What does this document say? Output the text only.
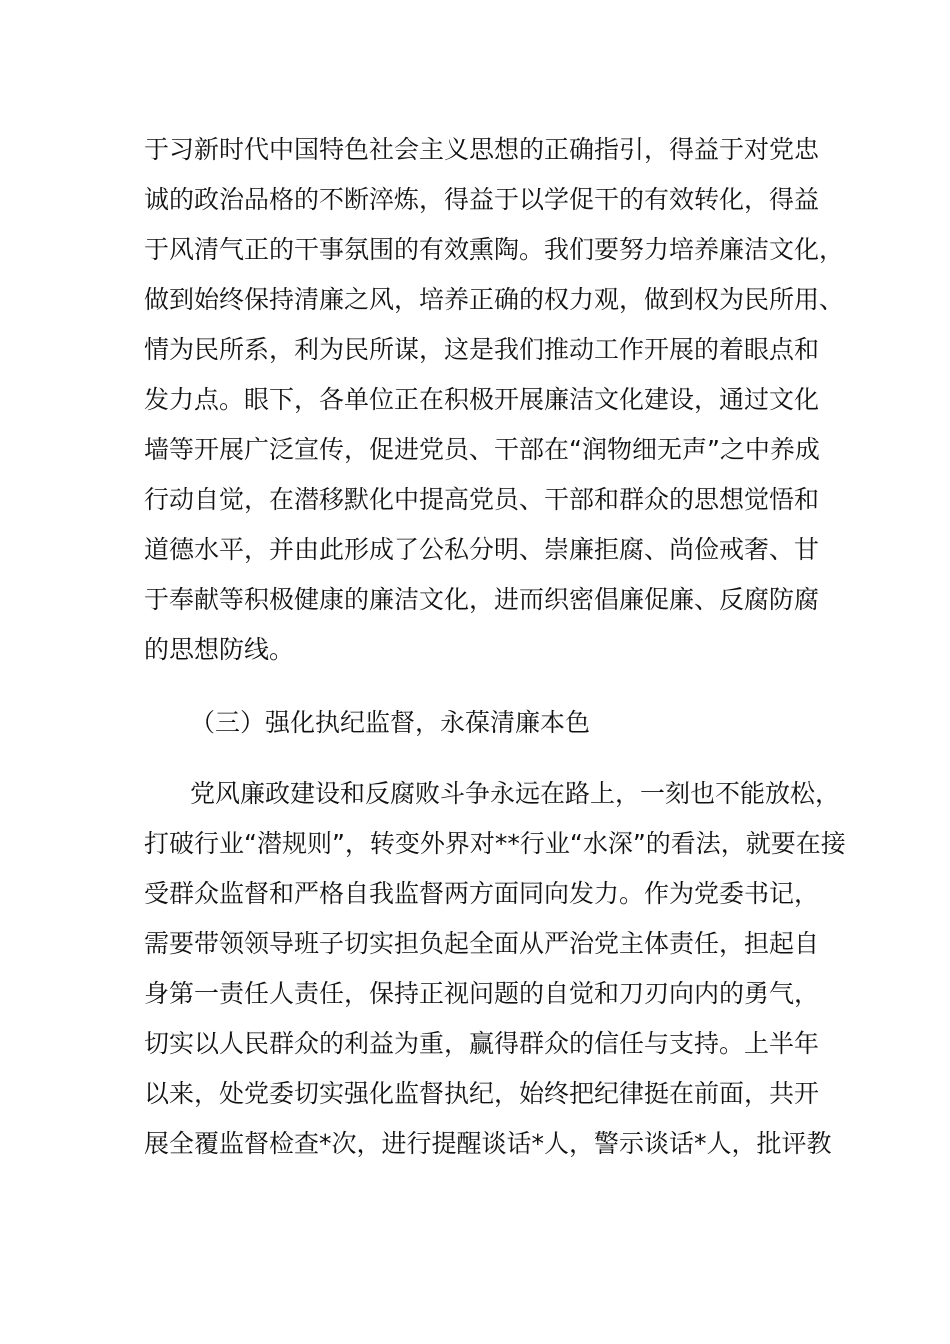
于习新时代中国特色社会主义思想的正确指引，得益于对党忠
诚的政治品格的不断淬炼，得益于以学促干的有效转化，得益
于风清气正的干事氛围的有效熏陶。我们要努力培养廉洁文化，
做到始终保持清廉之风，培养正确的权力观，做到权为民所用、
情为民所系，利为民所谋，这是我们推动工作开展的着眼点和
发力点。眼下，各单位正在积极开展廉洁文化建设，通过文化
墙等开展广泛宣传，促进党员、干部在“润物细无声”之中养成
行动自觉，在潜移默化中提高党员、干部和群众的思想觉悟和
道德水平，并由此形成了公私分明、崇廉拒腐、尚俭戒奢、甘
于奉献等积极健康的廉洁文化，进而织密倡廉促廉、反腐防腐
的思想防线。
（三）强化执纪监督，永葆清廉本色
党风廉政建设和反腐败斗争永远在路上，一刻也不能放松，
打破行业“潜规则”，转变外界对**行业“水深”的看法，就要在接
受群众监督和严格自我监督两方面同向发力。作为党委书记，
需要带领领导班子切实担负起全面从严治党主体责任，担起自
身第一责任人责任，保持正视问题的自觉和刀刃向内的勇气，
切实以人民群众的利益为重，赢得群众的信任与支持。上半年
以来，处党委切实强化监督执纪，始终把纪律挺在前面，共开
展全覆监督检查*次，进行提醒谈话*人，警示谈话*人，批评教
